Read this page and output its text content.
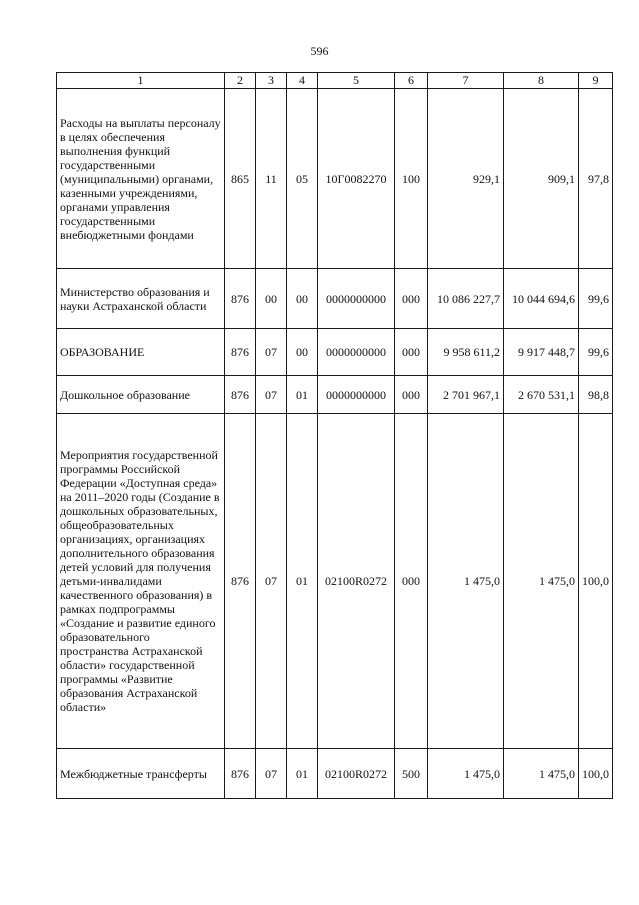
596
1	2	3	4	5	6	7	8	9
Расходы на выплаты персоналу в целях обеспечения выполнения функций государственными (муниципальными) органами, казенными учреждениями, органами управления государственными внебюджетными фондами	865	11	05	10Г0082270	100	929,1	909,1	97,8
Министерство образования и науки Астраханской области	876	00	00	0000000000	000	10 086 227,7	10 044 694,6	99,6
ОБРАЗОВАНИЕ	876	07	00	0000000000	000	9 958 611,2	9 917 448,7	99,6
Дошкольное образование	876	07	01	0000000000	000	2 701 967,1	2 670 531,1	98,8
Мероприятия государственной программы Российской Федерации «Доступная среда» на 2011–2020 годы (Создание в дошкольных образовательных, общеобразовательных организациях, организациях дополнительного образования детей условий для получения детьми-инвалидами качественного образования) в рамках подпрограммы «Создание и развитие единого образовательного пространства Астраханской области» государственной программы «Развитие образования Астраханской области»	876	07	01	02100R0272	000	1 475,0	1 475,0	100,0
Межбюджетные трансферты	876	07	01	02100R0272	500	1 475,0	1 475,0	100,0
